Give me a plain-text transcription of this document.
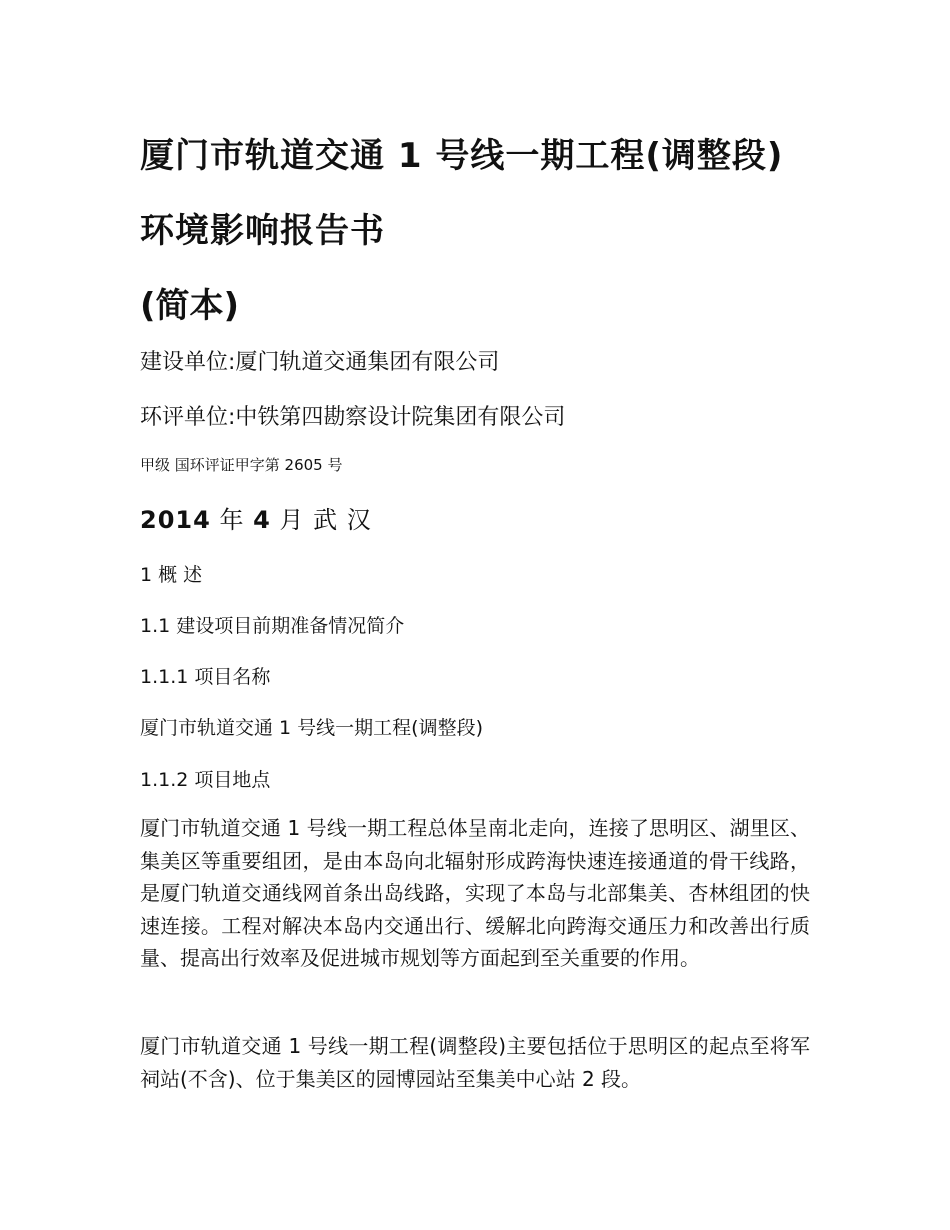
厦门市轨道交通 1 号线一期工程(调整段)
环境影响报告书
(简本)

建设单位:厦门轨道交通集团有限公司

环评单位:中铁第四勘察设计院集团有限公司

甲级 国环评证甲字第 2605 号

2014 年 4 月 武 汉

1 概 述
1.1 建设项目前期准备情况简介
1.1.1 项目名称

厦门市轨道交通 1 号线一期工程(调整段)

1.1.2 项目地点

厦门市轨道交通 1 号线一期工程总体呈南北走向，连接了思明区、湖里区、集美区等重要组团，是由本岛向北辐射形成跨海快速连接通道的骨干线路，是厦门轨道交通线网首条出岛线路，实现了本岛与北部集美、杏林组团的快速连接。工程对解决本岛内交通出行、缓解北向跨海交通压力和改善出行质量、提高出行效率及促进城市规划等方面起到至关重要的作用。

厦门市轨道交通 1 号线一期工程(调整段)主要包括位于思明区的起点至将军祠站(不含)、位于集美区的园博园站至集美中心站 2 段。
